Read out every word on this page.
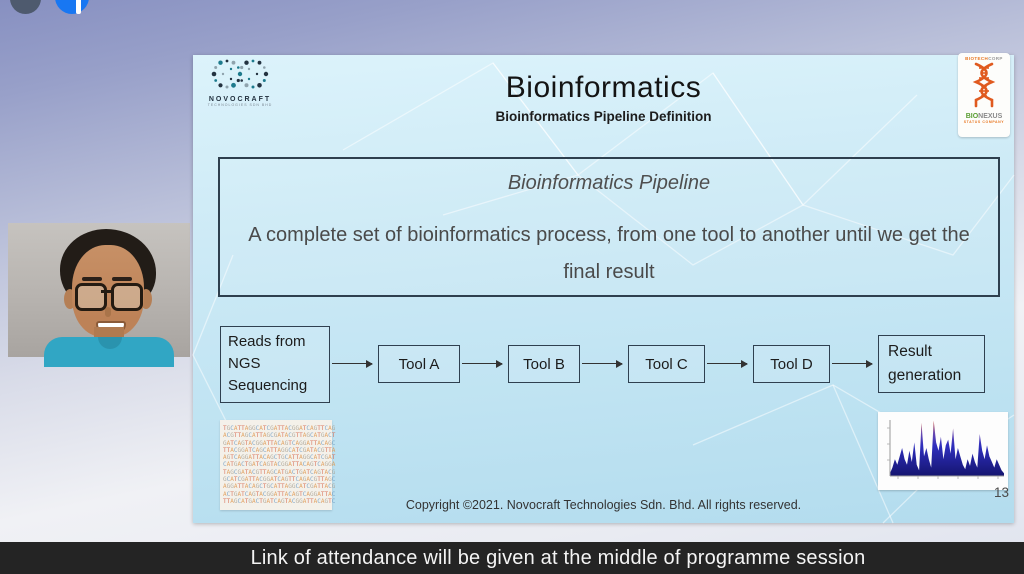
NOVOCRAFT
TECHNOLOGIES SDN BHD
BIOTECHCORP
BIONEXUS
STATUS COMPANY
Bioinformatics
Bioinformatics Pipeline Definition
Bioinformatics Pipeline
A complete set of bioinformatics process, from one tool to another until we get the final result
Reads from NGS Sequencing
Tool A	Tool B	Tool C	Tool D
Result generation
TGCATTAGGCATCGATTACGGATCAGTTCAG
ACGTTAGCATTAGCGATACGTTAGCATGACT
GATCAGTACGGATTACAGTCAGGATTACAGC
TTACGGATCAGCATTAGGCATCGATACGTTA
AGTCAGGATTACAGCTGCATTAGGCATCGAT
CATGACTGATCAGTACGGATTACAGTCAGGA
TAGCGATACGTTAGCATGACTGATCAGTACG
GCATCGATTACGGATCAGTTCAGACGTTAGC
AGGATTACAGCTGCATTAGGCATCGATTACG
ACTGATCAGTACGGATTACAGTCAGGATTAC
TTAGCATGACTGATCAGTACGGATTACAGTC	Copyright ©2021. Novocraft Technologies Sdn. Bhd. All rights reserved.
13
Link of attendance will be given at the middle of programme session
